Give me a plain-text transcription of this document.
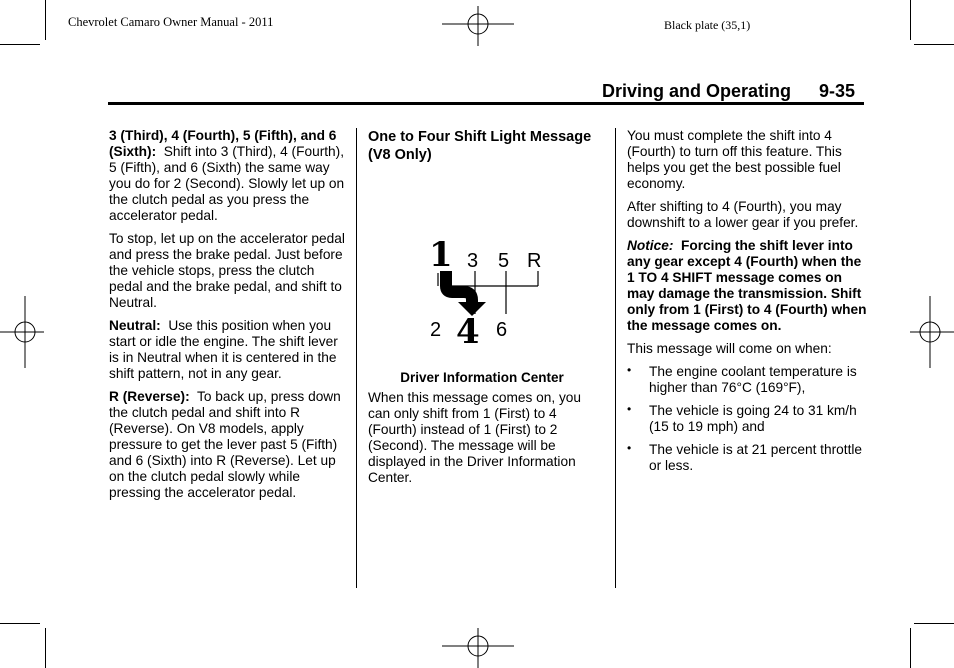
Chevrolet Camaro Owner Manual - 2011	Black plate (35,1)
Driving and Operating 9-35

3 (Third), 4 (Fourth), 5 (Fifth), and 6 (Sixth): Shift into 3 (Third), 4 (Fourth), 5 (Fifth), and 6 (Sixth) the same way you do for 2 (Second). Slowly let up on the clutch pedal as you press the accelerator pedal.

To stop, let up on the accelerator pedal and press the brake pedal. Just before the vehicle stops, press the clutch pedal and the brake pedal, and shift to Neutral.

Neutral: Use this position when you start or idle the engine. The shift lever is in Neutral when it is centered in the shift pattern, not in any gear.

R (Reverse): To back up, press down the clutch pedal and shift into R (Reverse). On V8 models, apply pressure to get the lever past 5 (Fifth) and 6 (Sixth) into R (Reverse). Let up on the clutch pedal slowly while pressing the accelerator pedal.

One to Four Shift Light Message (V8 Only)
1 3 5 R
2 4 6
Driver Information Center

When this message comes on, you can only shift from 1 (First) to 4 (Fourth) instead of 1 (First) to 2 (Second). The message will be displayed in the Driver Information Center.

You must complete the shift into 4 (Fourth) to turn off this feature. This helps you get the best possible fuel economy.

After shifting to 4 (Fourth), you may downshift to a lower gear if you prefer.

Notice: Forcing the shift lever into any gear except 4 (Fourth) when the 1 TO 4 SHIFT message comes on may damage the transmission. Shift only from 1 (First) to 4 (Fourth) when the message comes on.

This message will come on when:

• The engine coolant temperature is higher than 76°C (169°F),
• The vehicle is going 24 to 31 km/h (15 to 19 mph) and
• The vehicle is at 21 percent throttle or less.
